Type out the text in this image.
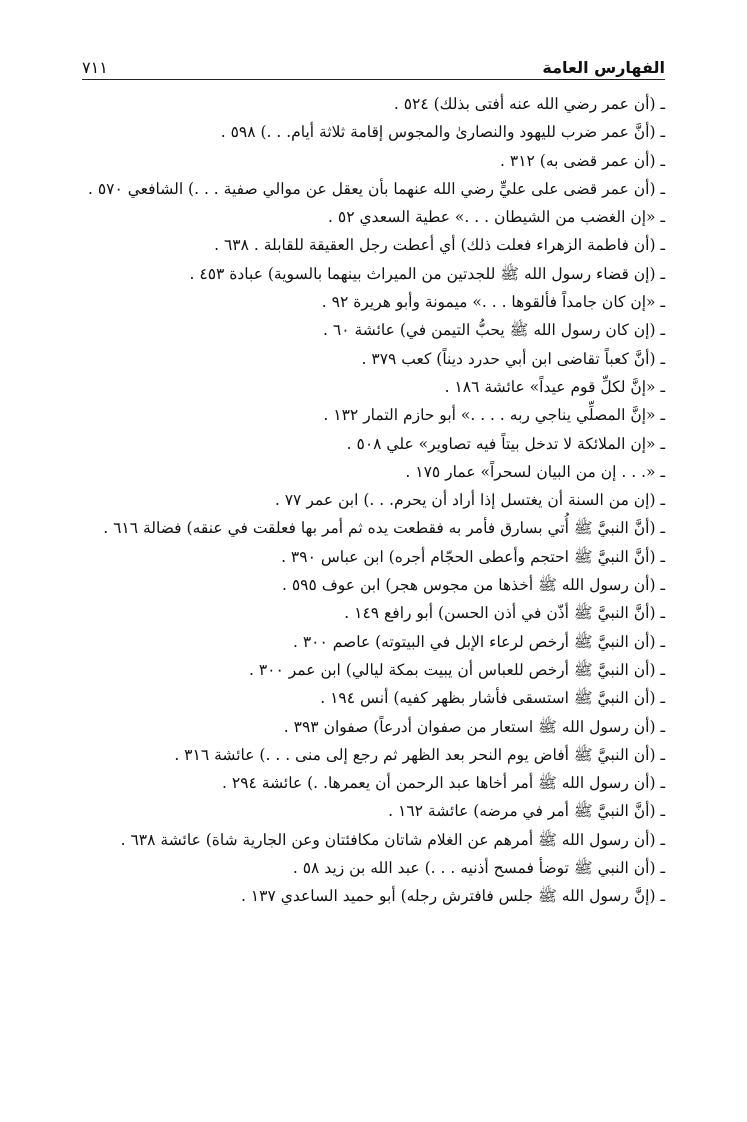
الفهارس العامة
٧١١
ـ (أن عمر رضي الله عنه أفتى بذلك) ٥٢٤ .
ـ (أنَّ عمر ضرب لليهود والنصارىٰ والمجوس إقامة ثلاثة أيام. . .) ٥٩٨ .
ـ (أن عمر قضى به) ٣١٢ .
ـ (أن عمر قضى على عليٍّ رضي الله عنهما بأن يعقل عن موالي صفية . . .) الشافعي ٥٧٠ .
ـ «إن الغضب من الشيطان . . .» عطية السعدي ٥٢ .
ـ (أن فاطمة الزهراء فعلت ذلك) أي أعطت رجل العقيقة للقابلة . ٦٣٨ .
ـ (إن قضاء رسول الله ﷺ للجدتين من الميراث بينهما بالسوية) عبادة ٤٥٣ .
ـ «إن كان جامداً فألقوها . . .» ميمونة وأبو هريرة ٩٢ .
ـ (إن كان رسول الله ﷺ يحبُّ التيمن في) عائشة ٦٠ .
ـ (أنَّ كعباً تقاضى ابن أبي حدرد ديناً) كعب ٣٧٩ .
ـ «إنَّ لكلِّ قوم عيداً» عائشة ١٨٦ .
ـ «إنَّ المصلِّي يناجي ربه . . . .» أبو حازم التمار ١٣٢ .
ـ «إن الملائكة لا تدخل بيتاً فيه تصاوير» علي ٥٠٨ .
ـ «. . . إن من البيان لسحراً» عمار ١٧٥ .
ـ (إن من السنة أن يغتسل إذا أراد أن يحرم. . .) ابن عمر ٧٧ .
ـ (أنَّ النبيَّ ﷺ أُتي بسارق فأمر به فقطعت يده ثم أمر بها فعلقت في عنقه) فضالة ٦١٦ .
ـ (أنَّ النبيَّ ﷺ احتجم وأعطى الحجّام أجره) ابن عباس ٣٩٠ .
ـ (أن رسول الله ﷺ أخذها من مجوس هجر) ابن عوف ٥٩٥ .
ـ (أنَّ النبيَّ ﷺ أذّن في أذن الحسن) أبو رافع ١٤٩ .
ـ (أن النبيَّ ﷺ أرخص لرعاء الإبل في البيتوته) عاصم ٣٠٠ .
ـ (أن النبيَّ ﷺ أرخص للعباس أن يبيت بمكة ليالي) ابن عمر ٣٠٠ .
ـ (أن النبيَّ ﷺ استسقى فأشار بظهر كفيه) أنس ١٩٤ .
ـ (أن رسول الله ﷺ استعار من صفوان أدرعاً) صفوان ٣٩٣ .
ـ (أن النبيَّ ﷺ أفاض يوم النحر بعد الظهر ثم رجع إلى منى . . .) عائشة ٣١٦ .
ـ (أن رسول الله ﷺ أمر أخاها عبد الرحمن أن يعمرها. .) عائشة ٢٩٤ .
ـ (أنَّ النبيَّ ﷺ أمر في مرضه) عائشة ١٦٢ .
ـ (أن رسول الله ﷺ أمرهم عن الغلام شاتان مكافئتان وعن الجارية شاة) عائشة ٦٣٨ .
ـ (أن النبي ﷺ توضأ فمسح أذنيه . . .) عبد الله بن زيد ٥٨ .
ـ (إنَّ رسول الله ﷺ جلس فافترش رجله) أبو حميد الساعدي ١٣٧ .
